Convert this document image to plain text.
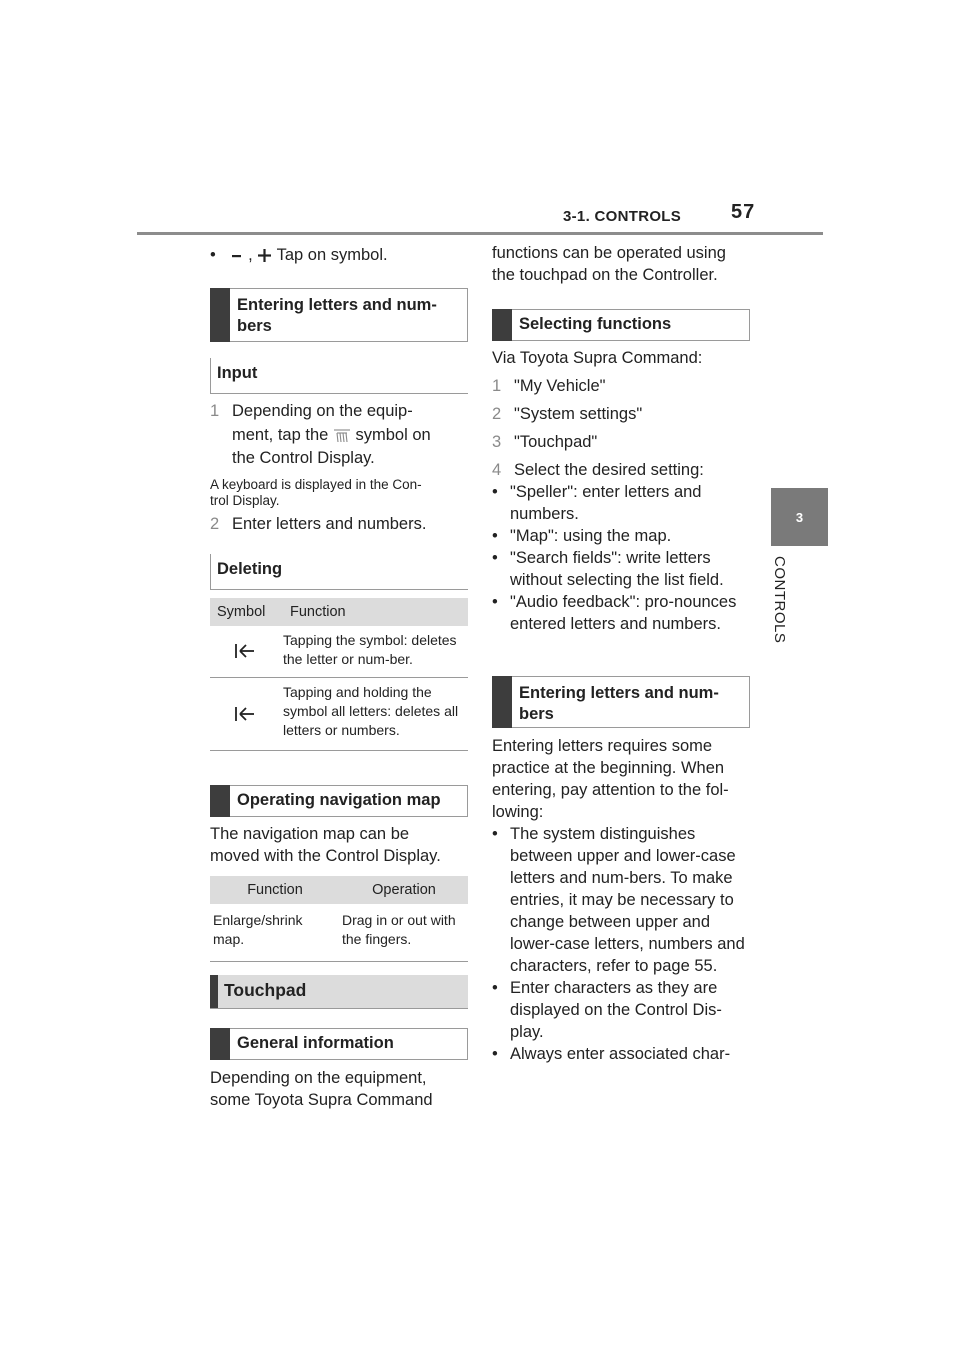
3-1. CONTROLS 57
3
CONTROLS
•    , Tap on symbol.
Entering letters and num-bers
Input
1 Depending on the equip-
ment, tap the symbol on
the Control Display.
A keyboard is displayed in the Con-
trol Display.
2 Enter letters and numbers.
Deleting
Symbol	Function
	Tapping the symbol: deletes the letter or num-ber.
	Tapping and holding the symbol all letters: deletes all letters or numbers.
Operating navigation map
The navigation map can be
moved with the Control Display.
Function	Operation
Enlarge/shrink map.	Drag in or out with the fingers.
Touchpad
General information
Depending on the equipment,
some Toyota Supra Command
functions can be operated using
the touchpad on the Controller.
Selecting functions
Via Toyota Supra Command:
1 "My Vehicle"
2 "System settings"
3 "Touchpad"
4 Select the desired setting:
• "Speller": enter letters and numbers.
• "Map": using the map.
• "Search fields": write letters without selecting the list field.
• "Audio feedback": pro-nounces entered letters and numbers.
Entering letters and num-bers
Entering letters requires some practice at the beginning. When entering, pay attention to the fol-lowing:
• The system distinguishes between upper and lower-case letters and num-bers. To make entries, it may be necessary to change between upper and lower-case letters, numbers and characters, refer to page 55.
• Enter characters as they are displayed on the Control Dis-play.
• Always enter associated char-
